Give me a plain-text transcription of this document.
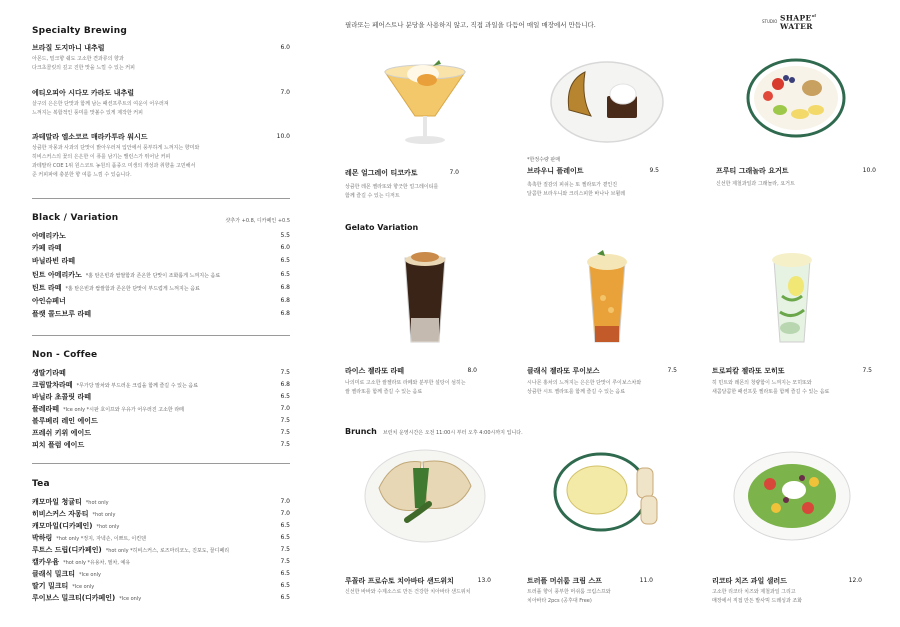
Specialty Brewing
브라질 도지마니 내추럴	6.0
아몬드, 밀크향 쉐도 고소한 견과류의 향과
다크초콜릿의 깊고 진한 맛을 느낄 수 있는 커피
에티오피아 시다모 카라도 내추럴	7.0
살구의 은은한 단맛과 함께 남는 패션프루트의 여운이 어우러져
느껴지는 복합적인 풍미를 맛볼수 있게 제작한 커피
과테말라 엘소코르 매라카투라 워시드	10.0
상큼한 자몽과 사과의 단맛이 밝아우러져 입안에서 풍부하게 느껴지는 향미와
히비스커스의 꽃의 은은한 이 퓨를 남기는 밸런스가 뛰어난 커피
과테말라 COE 1위 원스코트 농원의 품종으 미생의 개성과 취향을 고민해서
준 커피파에 충분한 향 여름 느낌 수 있습니다.
Black / Variation	샷추가 +0.8, 디카페인 +0.5
아메리카노	5.5
카페 라떼	6.0
바닐라빈 라떼	6.5
틴트 아메리카노 *홈 탄은빈과 쌉쌀함과 존온한 단맛이 조화롭게 느껴지는 음료	6.5
틴트 라떼 *홈 탄은빈과 쌉쌀함과 존온한 단맛이 부드럽게 느껴지는 음료	6.8
아인슈페너	6.8
플랫 콜드브루 라떼	6.8
Non - Coffee
생딸기라떼	7.5
크림말차라떼 *무가당 말차와 부드러운 크림을 함께 즐길 수 있는 음료	6.8
바닐라 초콜릿 라떼	6.5
플레라떼 *Ice only *시판 호이프와 우유가 어우러진 고소한 라떼	7.0
블루베리 레인 에이드	7.5
프레쉬 키위 에이드	7.5
피치 플럼 에이드	7.5
Tea
캐모마일 청귤티 *hot only	7.0
히비스커스 자몽티 *hot only	7.0
캐모마일(디카페인) *hot only	6.5
박하링 *hot only *정지, 자넥손, 이쁘트, 이킨덴	6.5
루트스 드립(디카페인) *hot only *히비스커스, 로즈마리코노, 진포도, 꿀디페리	7.5
캘카우윰 *hot only *유용차, 필차, 예유	7.5
클래식 밀크티 *Ice only	6.5
딸기 밀크티 *Ice only	6.5
루이보스 밀크티(디카페인) *Ice only	6.5
필라또는 페어스트나 분당을 사용하지 않고, 직접 과일을 다듬어 매일 매장에서 만듭니다.	STUDIO $SHAPE^{of}$
WATER
레몬 얼그레이 티코카토	7.0
상큼한 레몬 젤라또와 향긋한 얼그레이티를
함께 즐길 수 있는 디저트
*한정수량 판매
브라우니 플레이트	9.5
촉촉한 질감의 피쉬는 또 젤라또가 곁인진
달콤한 브라우니와 크리스피한 바나나 브륄레
프루티 그래놀라 요거트	10.0
신선한 제철과일과 그래놀라, 요거트
Gelato Variation
라이스 젤라또 라떼	8.0
나의미로 고소한 쌀젤라또 라떼와 분부한 설탕이 섬히는
쌀 젤라또를 함께 즐길 수 있는 음료
클래식 젤라또 루이보스	7.5
시나몬 홍차의 느껴지는 은은한 단맛이 루이보스차와
상큼한 시트 젤라또를 함께 즐길 수 있는 음료
트로피칼 젤라또 모히또	7.5
히 민트와 레몬의 청량함이 느껴지는 모히또와
새콤달콤한 패션프룻 젤라또를 함께 즐길 수 있는 음료
Brunch 브런치 운영시간은 오전 11:00시 부터 오후 4:00시까지 입니다.
루꼴라 프로슈토 치아바타 샌드위치	13.0
신선한 바바와 수제소스로 만든 건강한 치아바타 샌드위치
트러플 머쉬룸 크림 스프	11.0
트러플 향이 풍부한 머쉬룸 크림스프와
치아바타 2pcs (공후대 Free)
리코타 치즈 과일 샐러드	12.0
고소한 리코타 치즈와 제철과일 그리고
매장에서 직접 만든 발사믹 드레싱과 조화
